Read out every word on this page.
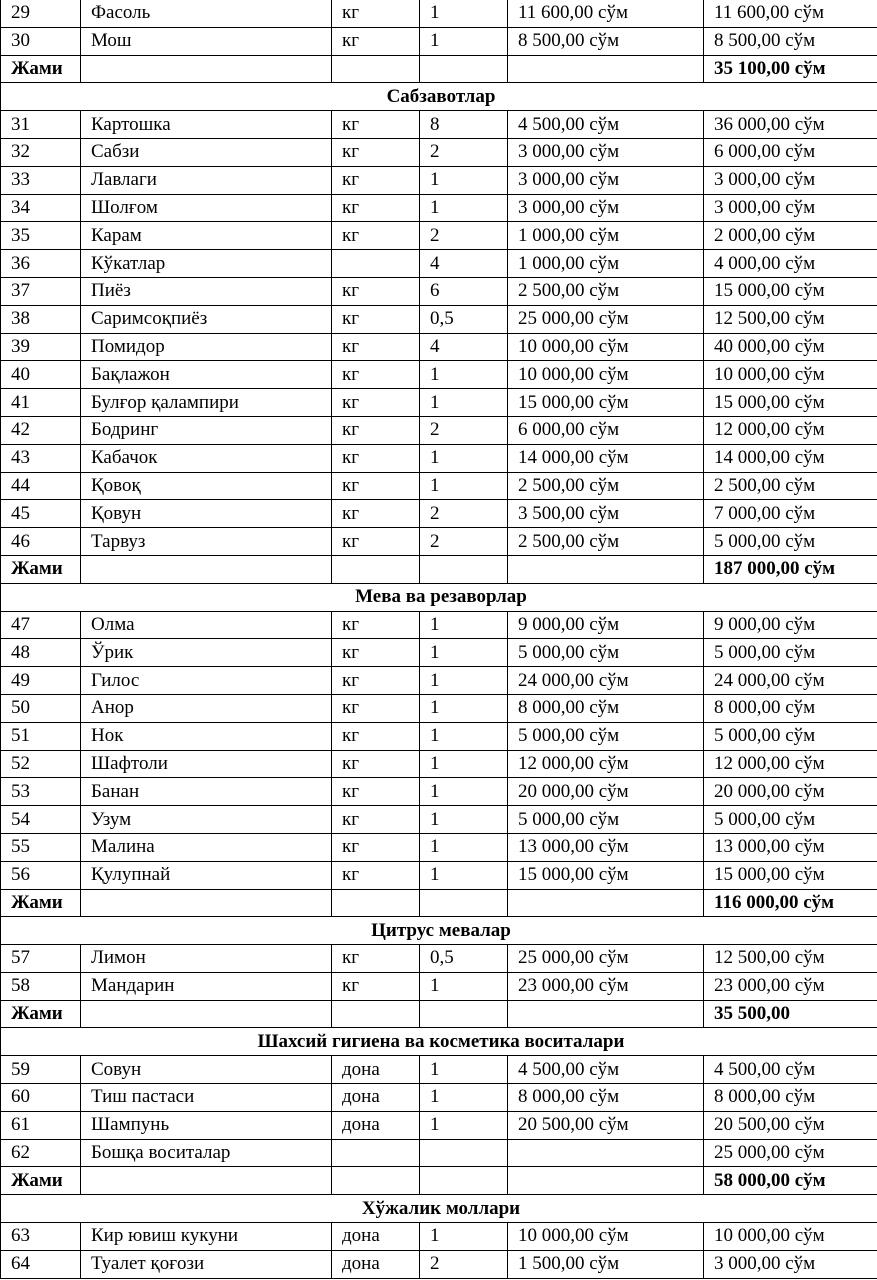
29	Фасоль	кг	1	11 600,00 сўм	11 600,00 сўм
30	Мош	кг	1	8 500,00 сўм	8 500,00 сўм
Жами					35 100,00 сўм
Сабзавотлар					
31	Картошка	кг	8	4 500,00 сўм	36 000,00 сўм
32	Сабзи	кг	2	3 000,00 сўм	6 000,00 сўм
33	Лавлаги	кг	1	3 000,00 сўм	3 000,00 сўм
34	Шолғом	кг	1	3 000,00 сўм	3 000,00 сўм
35	Карам	кг	2	1 000,00 сўм	2 000,00 сўм
36	Кўкатлар		4	1 000,00 сўм	4 000,00 сўм
37	Пиёз	кг	6	2 500,00 сўм	15 000,00 сўм
38	Саримсоқпиёз	кг	0,5	25 000,00 сўм	12 500,00 сўм
39	Помидор	кг	4	10 000,00 сўм	40 000,00 сўм
40	Бақлажон	кг	1	10 000,00 сўм	10 000,00 сўм
41	Булғор қалампири	кг	1	15 000,00 сўм	15 000,00 сўм
42	Бодринг	кг	2	6 000,00 сўм	12 000,00 сўм
43	Кабачок	кг	1	14 000,00 сўм	14 000,00 сўм
44	Қовоқ	кг	1	2 500,00 сўм	2 500,00 сўм
45	Қовун	кг	2	3 500,00 сўм	7 000,00 сўм
46	Тарвуз	кг	2	2 500,00 сўм	5 000,00 сўм
Жами					187 000,00 сўм
Мева ва резаворлар					
47	Олма	кг	1	9 000,00 сўм	9 000,00 сўм
48	Ўрик	кг	1	5 000,00 сўм	5 000,00 сўм
49	Гилос	кг	1	24 000,00 сўм	24 000,00 сўм
50	Анор	кг	1	8 000,00 сўм	8 000,00 сўм
51	Нок	кг	1	5 000,00 сўм	5 000,00 сўм
52	Шафтоли	кг	1	12 000,00 сўм	12 000,00 сўм
53	Банан	кг	1	20 000,00 сўм	20 000,00 сўм
54	Узум	кг	1	5 000,00 сўм	5 000,00 сўм
55	Малина	кг	1	13 000,00 сўм	13 000,00 сўм
56	Қулупнай	кг	1	15 000,00 сўм	15 000,00 сўм
Жами					116 000,00 сўм
Цитрус мевалар					
57	Лимон	кг	0,5	25 000,00 сўм	12 500,00 сўм
58	Мандарин	кг	1	23 000,00 сўм	23 000,00 сўм
Жами					35 500,00
Шахсий гигиена ва косметика воситалари					
59	Совун	дона	1	4 500,00 сўм	4 500,00 сўм
60	Тиш пастаси	дона	1	8 000,00 сўм	8 000,00 сўм
61	Шампунь	дона	1	20 500,00 сўм	20 500,00 сўм
62	Бошқа воситалар				25 000,00 сўм
Жами					58 000,00 сўм
Хўжалик моллари					
63	Кир ювиш кукуни	дона	1	10 000,00 сўм	10 000,00 сўм
64	Туалет қоғози	дона	2	1 500,00 сўм	3 000,00 сўм
